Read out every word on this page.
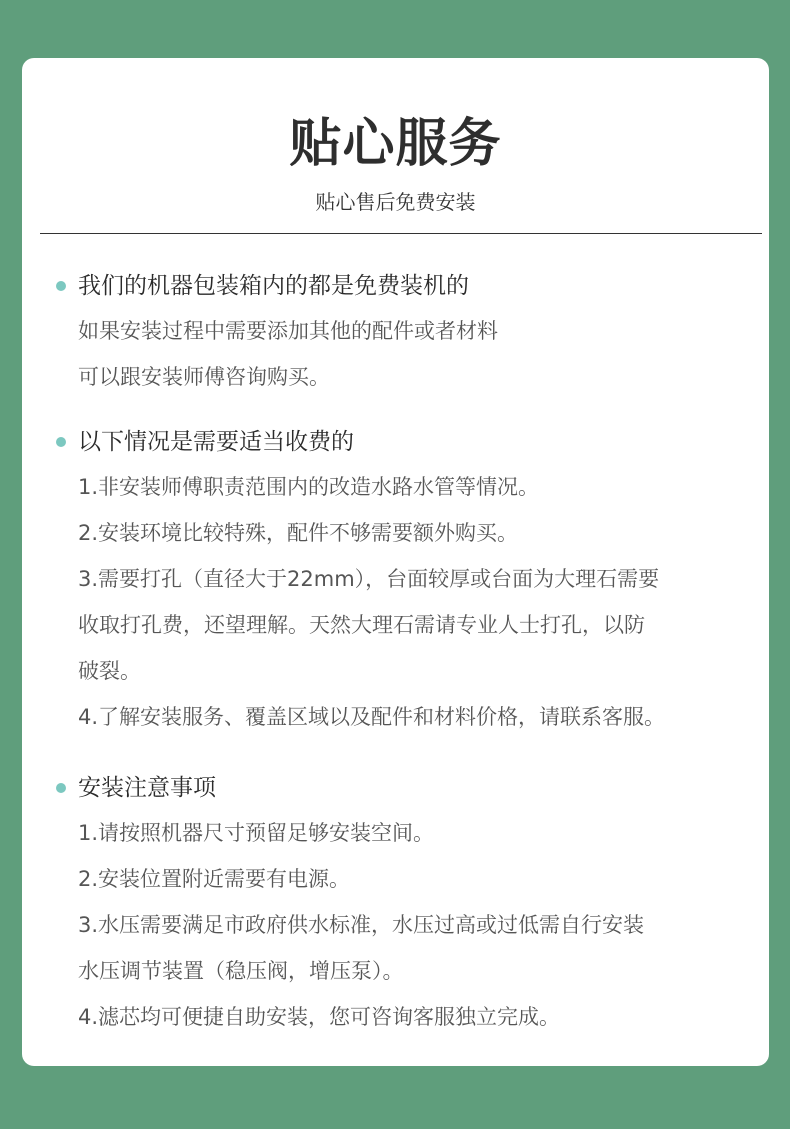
贴心服务
贴心售后免费安装
我们的机器包装箱内的都是免费装机的
如果安装过程中需要添加其他的配件或者材料
可以跟安装师傅咨询购买。
以下情况是需要适当收费的
1.非安装师傅职责范围内的改造水路水管等情况。
2.安装环境比较特殊，配件不够需要额外购买。
3.需要打孔（直径大于22mm），台面较厚或台面为大理石需要
收取打孔费，还望理解。天然大理石需请专业人士打孔，以防
破裂。
4.了解安装服务、覆盖区域以及配件和材料价格，请联系客服。
安装注意事项
1.请按照机器尺寸预留足够安装空间。
2.安装位置附近需要有电源。
3.水压需要满足市政府供水标准，水压过高或过低需自行安装
水压调节装置（稳压阀，增压泵）。
4.滤芯均可便捷自助安装，您可咨询客服独立完成。
